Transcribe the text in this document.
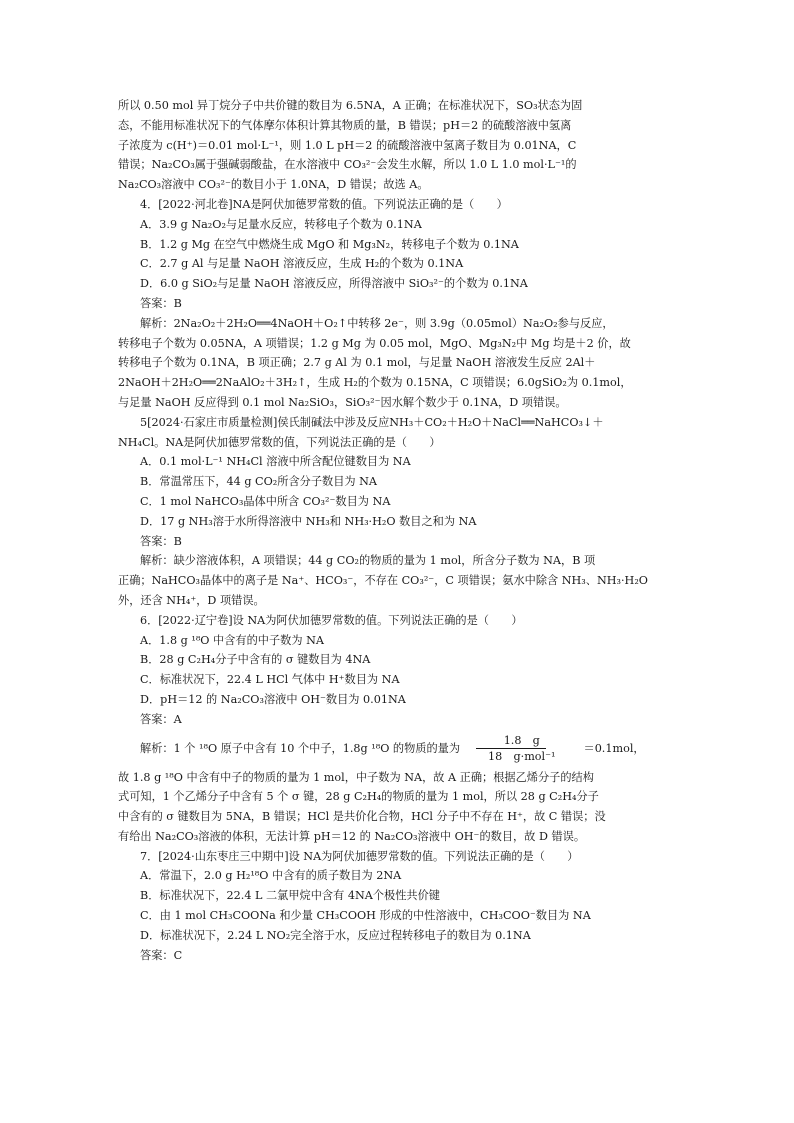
所以 0.50 mol 异丁烷分子中共价键的数目为 6.5NA，A 正确；在标准状况下，SO₃状态为固

态，不能用标准状况下的气体摩尔体积计算其物质的量，B 错误；pH＝2 的硫酸溶液中氢离

子浓度为 c(H⁺)＝0.01 mol·L⁻¹，则 1.0 L pH＝2 的硫酸溶液中氢离子数目为 0.01NA，C

错误；Na₂CO₃属于强碱弱酸盐，在水溶液中 CO₃²⁻会发生水解，所以 1.0 L 1.0 mol·L⁻¹的

Na₂CO₃溶液中 CO₃²⁻的数目小于 1.0NA，D 错误；故选 A。

4．[2022·河北卷]NA是阿伏加德罗常数的值。下列说法正确的是（　　）

A．3.9 g Na₂O₂与足量水反应，转移电子个数为 0.1NA

B．1.2 g Mg 在空气中燃烧生成 MgO 和 Mg₃N₂，转移电子个数为 0.1NA

C．2.7 g Al 与足量 NaOH 溶液反应，生成 H₂的个数为 0.1NA

D．6.0 g SiO₂与足量 NaOH 溶液反应，所得溶液中 SiO₃²⁻的个数为 0.1NA

答案：B

解析：2Na₂O₂＋2H₂O══4NaOH＋O₂↑中转移 2e⁻，则 3.9g（0.05mol）Na₂O₂参与反应，

转移电子个数为 0.05NA，A 项错误；1.2 g Mg 为 0.05 mol，MgO、Mg₃N₂中 Mg 均是＋2 价，故

转移电子个数为 0.1NA，B 项正确；2.7 g Al 为 0.1 mol，与足量 NaOH 溶液发生反应 2Al＋

2NaOH＋2H₂O══2NaAlO₂＋3H₂↑，生成 H₂的个数为 0.15NA，C 项错误；6.0gSiO₂为 0.1mol，

与足量 NaOH 反应得到 0.1 mol Na₂SiO₃，SiO₃²⁻因水解个数少于 0.1NA，D 项错误。

5[2024·石家庄市质量检测]侯氏制碱法中涉及反应NH₃＋CO₂＋H₂O＋NaCl══NaHCO₃↓＋

NH₄Cl。NA是阿伏加德罗常数的值，下列说法正确的是（　　）

A．0.1 mol·L⁻¹ NH₄Cl 溶液中所含配位键数目为 NA

B．常温常压下，44 g CO₂所含分子数目为 NA

C．1 mol NaHCO₃晶体中所含 CO₃²⁻数目为 NA

D．17 g NH₃溶于水所得溶液中 NH₃和 NH₃·H₂O 数目之和为 NA

答案：B

解析：缺少溶液体积，A 项错误；44 g CO₂的物质的量为 1 mol，所含分子数为 NA，B 项

正确；NaHCO₃晶体中的离子是 Na⁺、HCO₃⁻，不存在 CO₃²⁻，C 项错误；氨水中除含 NH₃、NH₃·H₂O

外，还含 NH₄⁺，D 项错误。

6．[2022·辽宁卷]设 NA为阿伏加德罗常数的值。下列说法正确的是（　　）

A．1.8 g ¹⁸O 中含有的中子数为 NA

B．28 g C₂H₄分子中含有的 σ 键数目为 4NA

C．标准状况下，22.4 L HCl 气体中 H⁺数目为 NA

D．pH＝12 的 Na₂CO₃溶液中 OH⁻数目为 0.01NA

答案：A

解析：1 个 ¹⁸O 原子中含有 10 个中子，1.8g ¹⁸O 的物质的量为 $\frac{1.8 g}{\text{18　g·mol⁻¹}}$	＝0.1mol，

故 1.8 g ¹⁸O 中含有中子的物质的量为 1 mol，中子数为 NA，故 A 正确；根据乙烯分子的结构

式可知，1 个乙烯分子中含有 5 个 σ 键，28 g C₂H₄的物质的量为 1 mol，所以 28 g C₂H₄分子

中含有的 σ 键数目为 5NA，B 错误；HCl 是共价化合物，HCl 分子中不存在 H⁺，故 C 错误；没

有给出 Na₂CO₃溶液的体积，无法计算 pH＝12 的 Na₂CO₃溶液中 OH⁻的数目，故 D 错误。

7．[2024·山东枣庄三中期中]设 NA为阿伏加德罗常数的值。下列说法正确的是（　　）

A．常温下，2.0 g H₂¹⁸O 中含有的质子数目为 2NA

B．标准状况下，22.4 L 二氯甲烷中含有 4NA个极性共价键

C．由 1 mol CH₃COONa 和少量 CH₃COOH 形成的中性溶液中，CH₃COO⁻数目为 NA

D．标准状况下，2.24 L NO₂完全溶于水，反应过程转移电子的数目为 0.1NA

答案：C
